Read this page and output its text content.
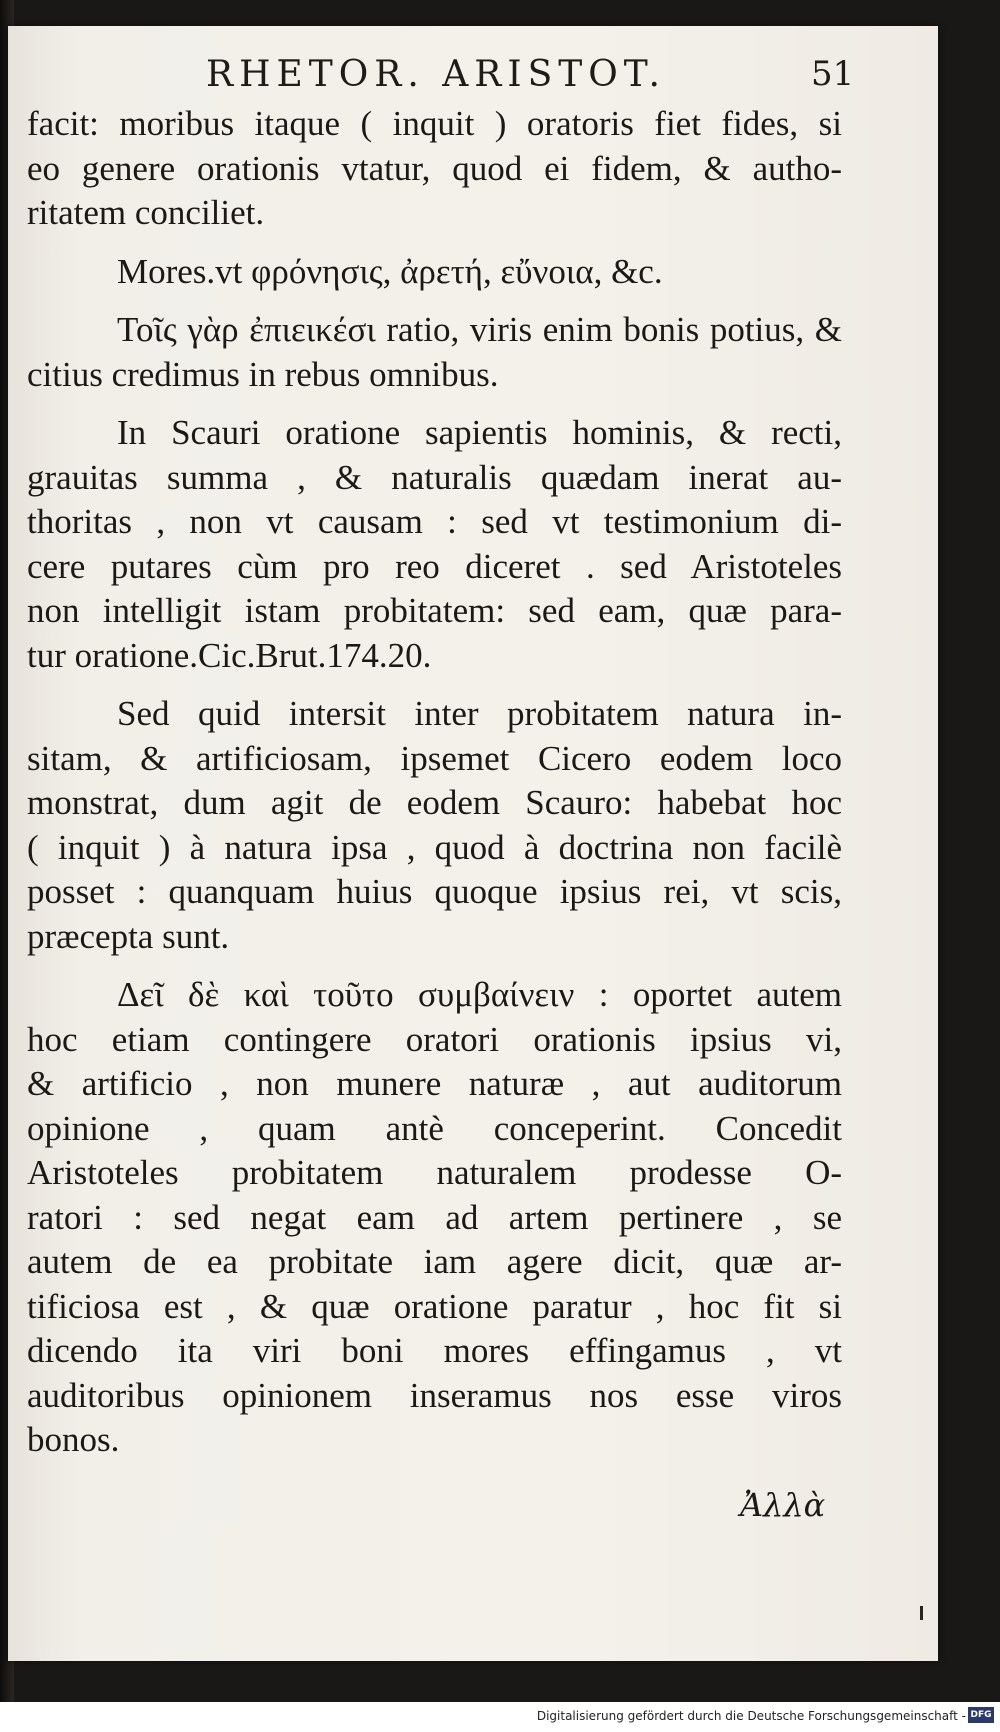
RHETOR. ARISTOT.	51
facit: moribus itaque ( inquit ) oratoris fiet fides, si
eo genere orationis vtatur, quod ei fidem, & autho-
ritatem conciliet.
Mores.vt φρόνησις, ἀρετή, εὔνοια, &c.
Τοῖς γὰρ ἐπιεικέσι ratio, viris enim bonis potius, &
citius credimus in rebus omnibus.
In Scauri oratione sapientis hominis, & recti,
grauitas summa , & naturalis quædam inerat au-
thoritas , non vt causam : sed vt testimonium di-
cere putares cùm pro reo diceret . sed Aristoteles
non intelligit istam probitatem: sed eam, quæ para-
tur oratione.Cic.Brut.174.20.
Sed quid intersit inter probitatem natura in-
sitam, & artificiosam, ipsemet Cicero eodem loco
monstrat, dum agit de eodem Scauro: habebat hoc
( inquit ) à natura ipsa , quod à doctrina non facilè
posset : quanquam huius quoque ipsius rei, vt scis,
præcepta sunt.
Δεῖ δὲ καὶ τοῦτο συμβαίνειν : oportet autem
hoc etiam contingere oratori orationis ipsius vi,
& artificio , non munere naturæ , aut auditorum
opinione , quam antè conceperint. Concedit
Aristoteles probitatem naturalem prodesse O-
ratori : sed negat eam ad artem pertinere , se
autem de ea probitate iam agere dicit, quæ ar-
tificiosa est , & quæ oratione paratur , hoc fit si
dicendo ita viri boni mores effingamus , vt
auditoribus opinionem inseramus nos esse viros
bonos.
Ἀλλὰ
Digitalisierung gefördert durch die Deutsche Forschungsgemeinschaft - DFG
